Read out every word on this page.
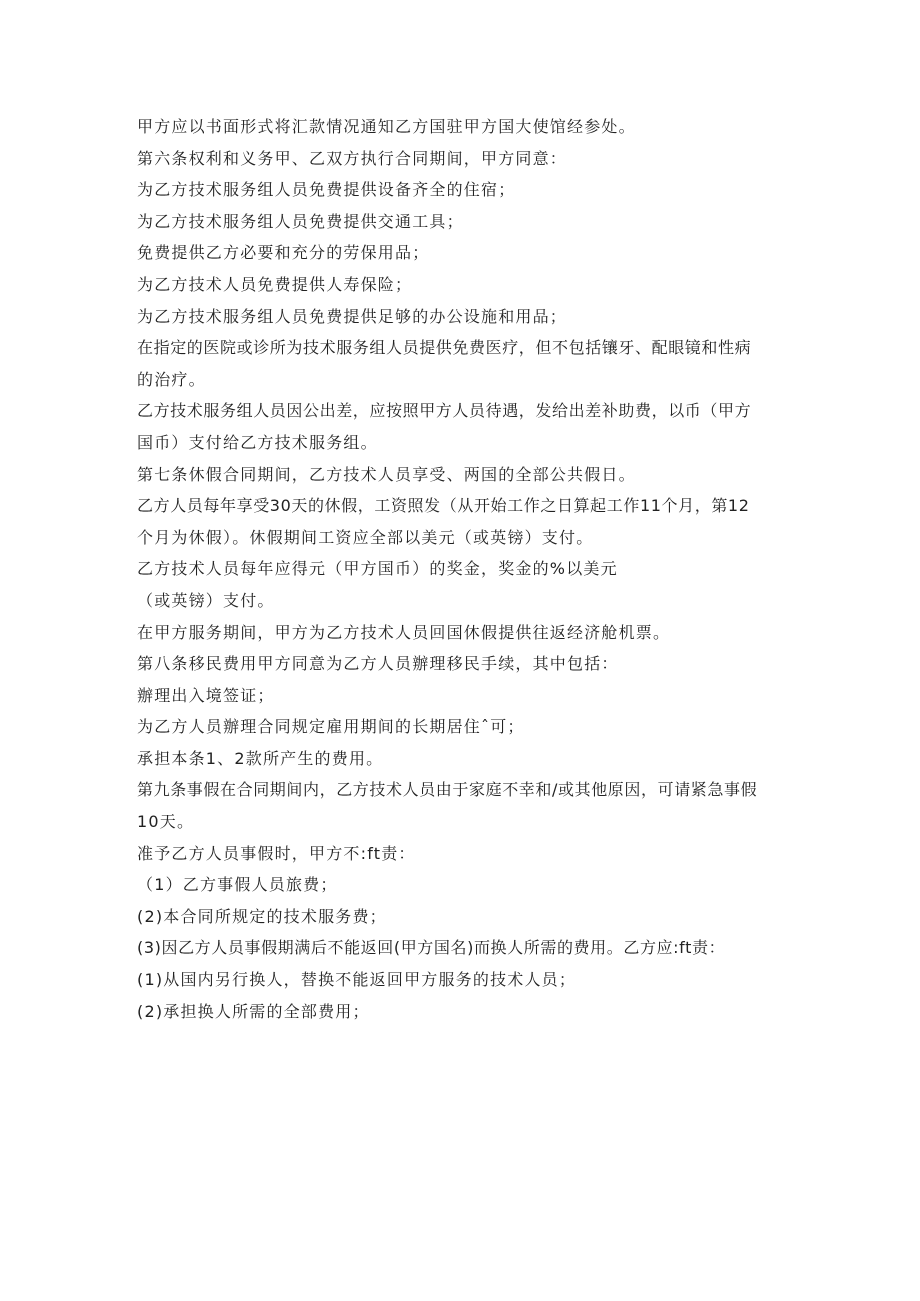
甲方应以书面形式将汇款情况通知乙方国驻甲方国大使馆经参处。
第六条权利和义务甲、乙双方执行合同期间，甲方同意：
为乙方技术服务组人员免费提供设备齐全的住宿；
为乙方技术服务组人员免费提供交通工具；
免费提供乙方必要和充分的劳保用品；
为乙方技术人员免费提供人寿保险；
为乙方技术服务组人员免费提供足够的办公设施和用品；
在指定的医院或诊所为技术服务组人员提供免费医疗，但不包括镶牙、配眼镜和性病
的治疗。
乙方技术服务组人员因公出差，应按照甲方人员待遇，发给出差补助费，以币（甲方
国币）支付给乙方技术服务组。
第七条休假合同期间，乙方技术人员享受、两国的全部公共假日。
乙方人员每年享受30天的休假，工资照发（从开始工作之日算起工作11个月，第12
个月为休假）。休假期间工资应全部以美元（或英镑）支付。
乙方技术人员每年应得元（甲方国币）的奖金，奖金的%以美元
（或英镑）支付。
在甲方服务期间，甲方为乙方技术人员回国休假提供往返经济舱机票。
第八条移民费用甲方同意为乙方人员辦理移民手续，其中包括：
辦理出入境签证；
为乙方人员辦理合同规定雇用期间的长期居住ˆ可；
承担本条1、2款所产生的费用。
第九条事假在合同期间内，乙方技术人员由于家庭不幸和/或其他原因，可请紧急事假
10天。
准予乙方人员事假时，甲方不:ft责：
（1）乙方事假人员旅费；
(2)本合同所规定的技术服务费；
(3)因乙方人员事假期满后不能返回(甲方国名)而换人所需的费用。乙方应:ft责：
(1)从国内另行换人，替换不能返回甲方服务的技术人员；
(2)承担换人所需的全部费用；
